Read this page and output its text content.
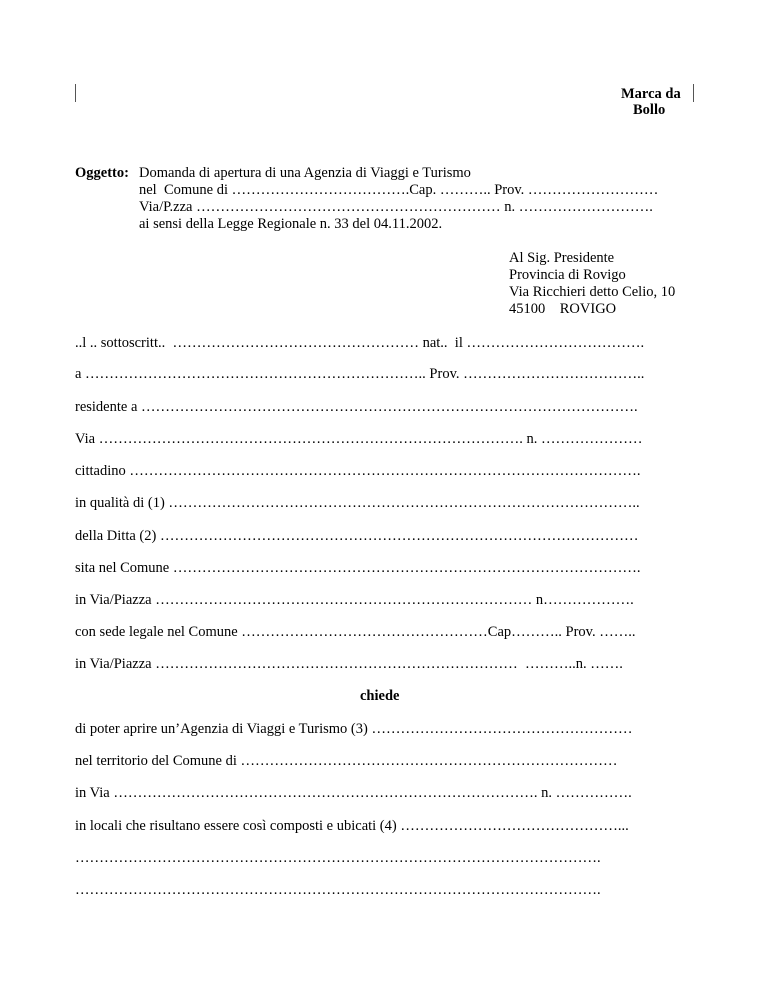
Marca da
Bollo
Oggetto: Domanda di apertura di una Agenzia di Viaggi e Turismo
nel  Comune di ……………………………….Cap. ……….. Prov. ………………………
Via/P.zza ……………………………………………………… n. ……………………….
ai sensi della Legge Regionale n. 33 del 04.11.2002.
Al Sig. Presidente
Provincia di Rovigo
Via Ricchieri detto Celio, 10
45100    ROVIGO
..l .. sottoscritt..  …………………………………………… nat..  il ……………………………….
a …………………………………………………………….. Prov. ………………………………..
residente a ………………………………………………………………………………………….
Via ……………………………………………………………………………. n. …………………
cittadino …………………………………………………………………………………………….
in qualità di (1) ……………………………………………………………………………………..
della Ditta (2) ………………………………………………………………………………………
sita nel Comune …………………………………………………………………………………….
in Via/Piazza …………………………………………………………………… n……………….
con sede legale nel Comune ……………………………………………Cap……….. Prov. ……..
in Via/Piazza …………………………………………………………………  ………..n. …….
chiede
di poter aprire un’Agenzia di Viaggi e Turismo (3) ………………………………………………
nel territorio del Comune di ……………………………………………………………………
in Via ……………………………………………………………………………. n. …………….
in locali che risultano essere così composti e ubicati (4) ………………………………………...
……………………………………………………………………………………………….
……………………………………………………………………………………………….
